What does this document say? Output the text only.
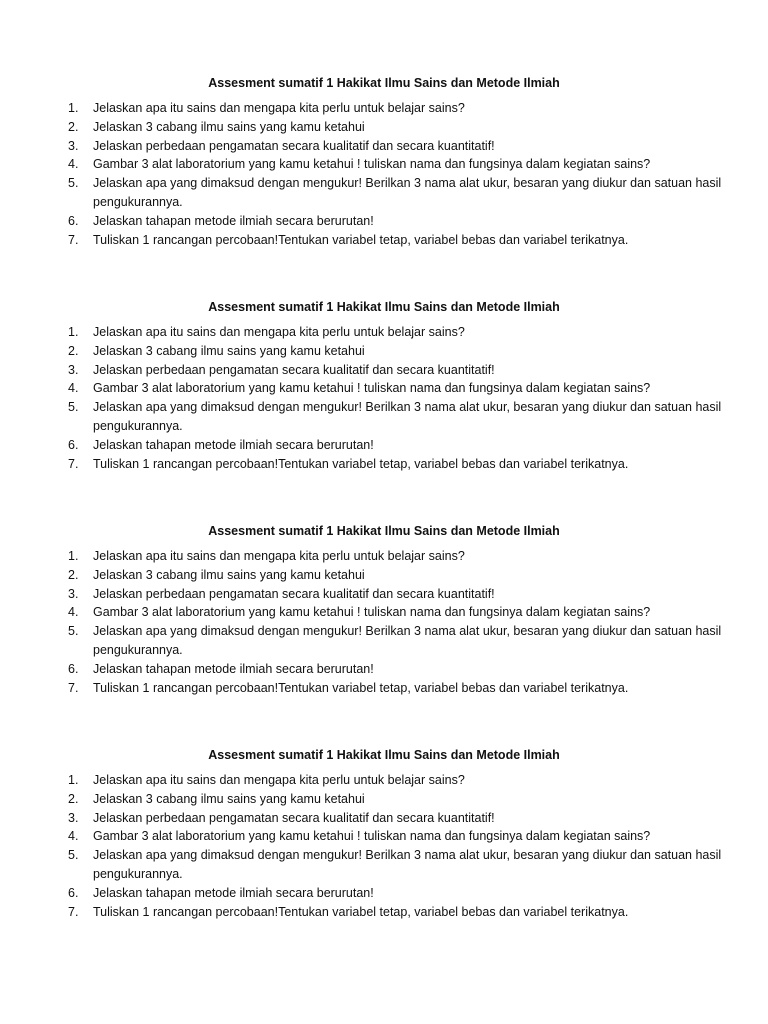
Assesment sumatif 1 Hakikat Ilmu Sains dan Metode Ilmiah
1. Jelaskan apa itu sains dan mengapa kita perlu untuk belajar sains?
2. Jelaskan 3 cabang ilmu sains yang kamu ketahui
3. Jelaskan perbedaan pengamatan secara kualitatif dan secara kuantitatif!
4. Gambar 3 alat laboratorium yang kamu ketahui ! tuliskan nama dan fungsinya dalam kegiatan sains?
5. Jelaskan apa yang dimaksud dengan mengukur! Berilkan 3 nama alat ukur, besaran yang diukur dan satuan hasil pengukurannya.
6. Jelaskan tahapan metode ilmiah secara berurutan!
7. Tuliskan 1 rancangan percobaan!Tentukan variabel tetap, variabel bebas dan variabel terikatnya.
Assesment sumatif 1 Hakikat Ilmu Sains dan Metode Ilmiah
1. Jelaskan apa itu sains dan mengapa kita perlu untuk belajar sains?
2. Jelaskan 3 cabang ilmu sains yang kamu ketahui
3. Jelaskan perbedaan pengamatan secara kualitatif dan secara kuantitatif!
4. Gambar 3 alat laboratorium yang kamu ketahui ! tuliskan nama dan fungsinya dalam kegiatan sains?
5. Jelaskan apa yang dimaksud dengan mengukur! Berilkan 3 nama alat ukur, besaran yang diukur dan satuan hasil pengukurannya.
6. Jelaskan tahapan metode ilmiah secara berurutan!
7. Tuliskan 1 rancangan percobaan!Tentukan variabel tetap, variabel bebas dan variabel terikatnya.
Assesment sumatif 1 Hakikat Ilmu Sains dan Metode Ilmiah
1. Jelaskan apa itu sains dan mengapa kita perlu untuk belajar sains?
2. Jelaskan 3 cabang ilmu sains yang kamu ketahui
3. Jelaskan perbedaan pengamatan secara kualitatif dan secara kuantitatif!
4. Gambar 3 alat laboratorium yang kamu ketahui ! tuliskan nama dan fungsinya dalam kegiatan sains?
5. Jelaskan apa yang dimaksud dengan mengukur! Berilkan 3 nama alat ukur, besaran yang diukur dan satuan hasil pengukurannya.
6. Jelaskan tahapan metode ilmiah secara berurutan!
7. Tuliskan 1 rancangan percobaan!Tentukan variabel tetap, variabel bebas dan variabel terikatnya.
Assesment sumatif 1 Hakikat Ilmu Sains dan Metode Ilmiah
1. Jelaskan apa itu sains dan mengapa kita perlu untuk belajar sains?
2. Jelaskan 3 cabang ilmu sains yang kamu ketahui
3. Jelaskan perbedaan pengamatan secara kualitatif dan secara kuantitatif!
4. Gambar 3 alat laboratorium yang kamu ketahui ! tuliskan nama dan fungsinya dalam kegiatan sains?
5. Jelaskan apa yang dimaksud dengan mengukur! Berilkan 3 nama alat ukur, besaran yang diukur dan satuan hasil pengukurannya.
6. Jelaskan tahapan metode ilmiah secara berurutan!
7. Tuliskan 1 rancangan percobaan!Tentukan variabel tetap, variabel bebas dan variabel terikatnya.
